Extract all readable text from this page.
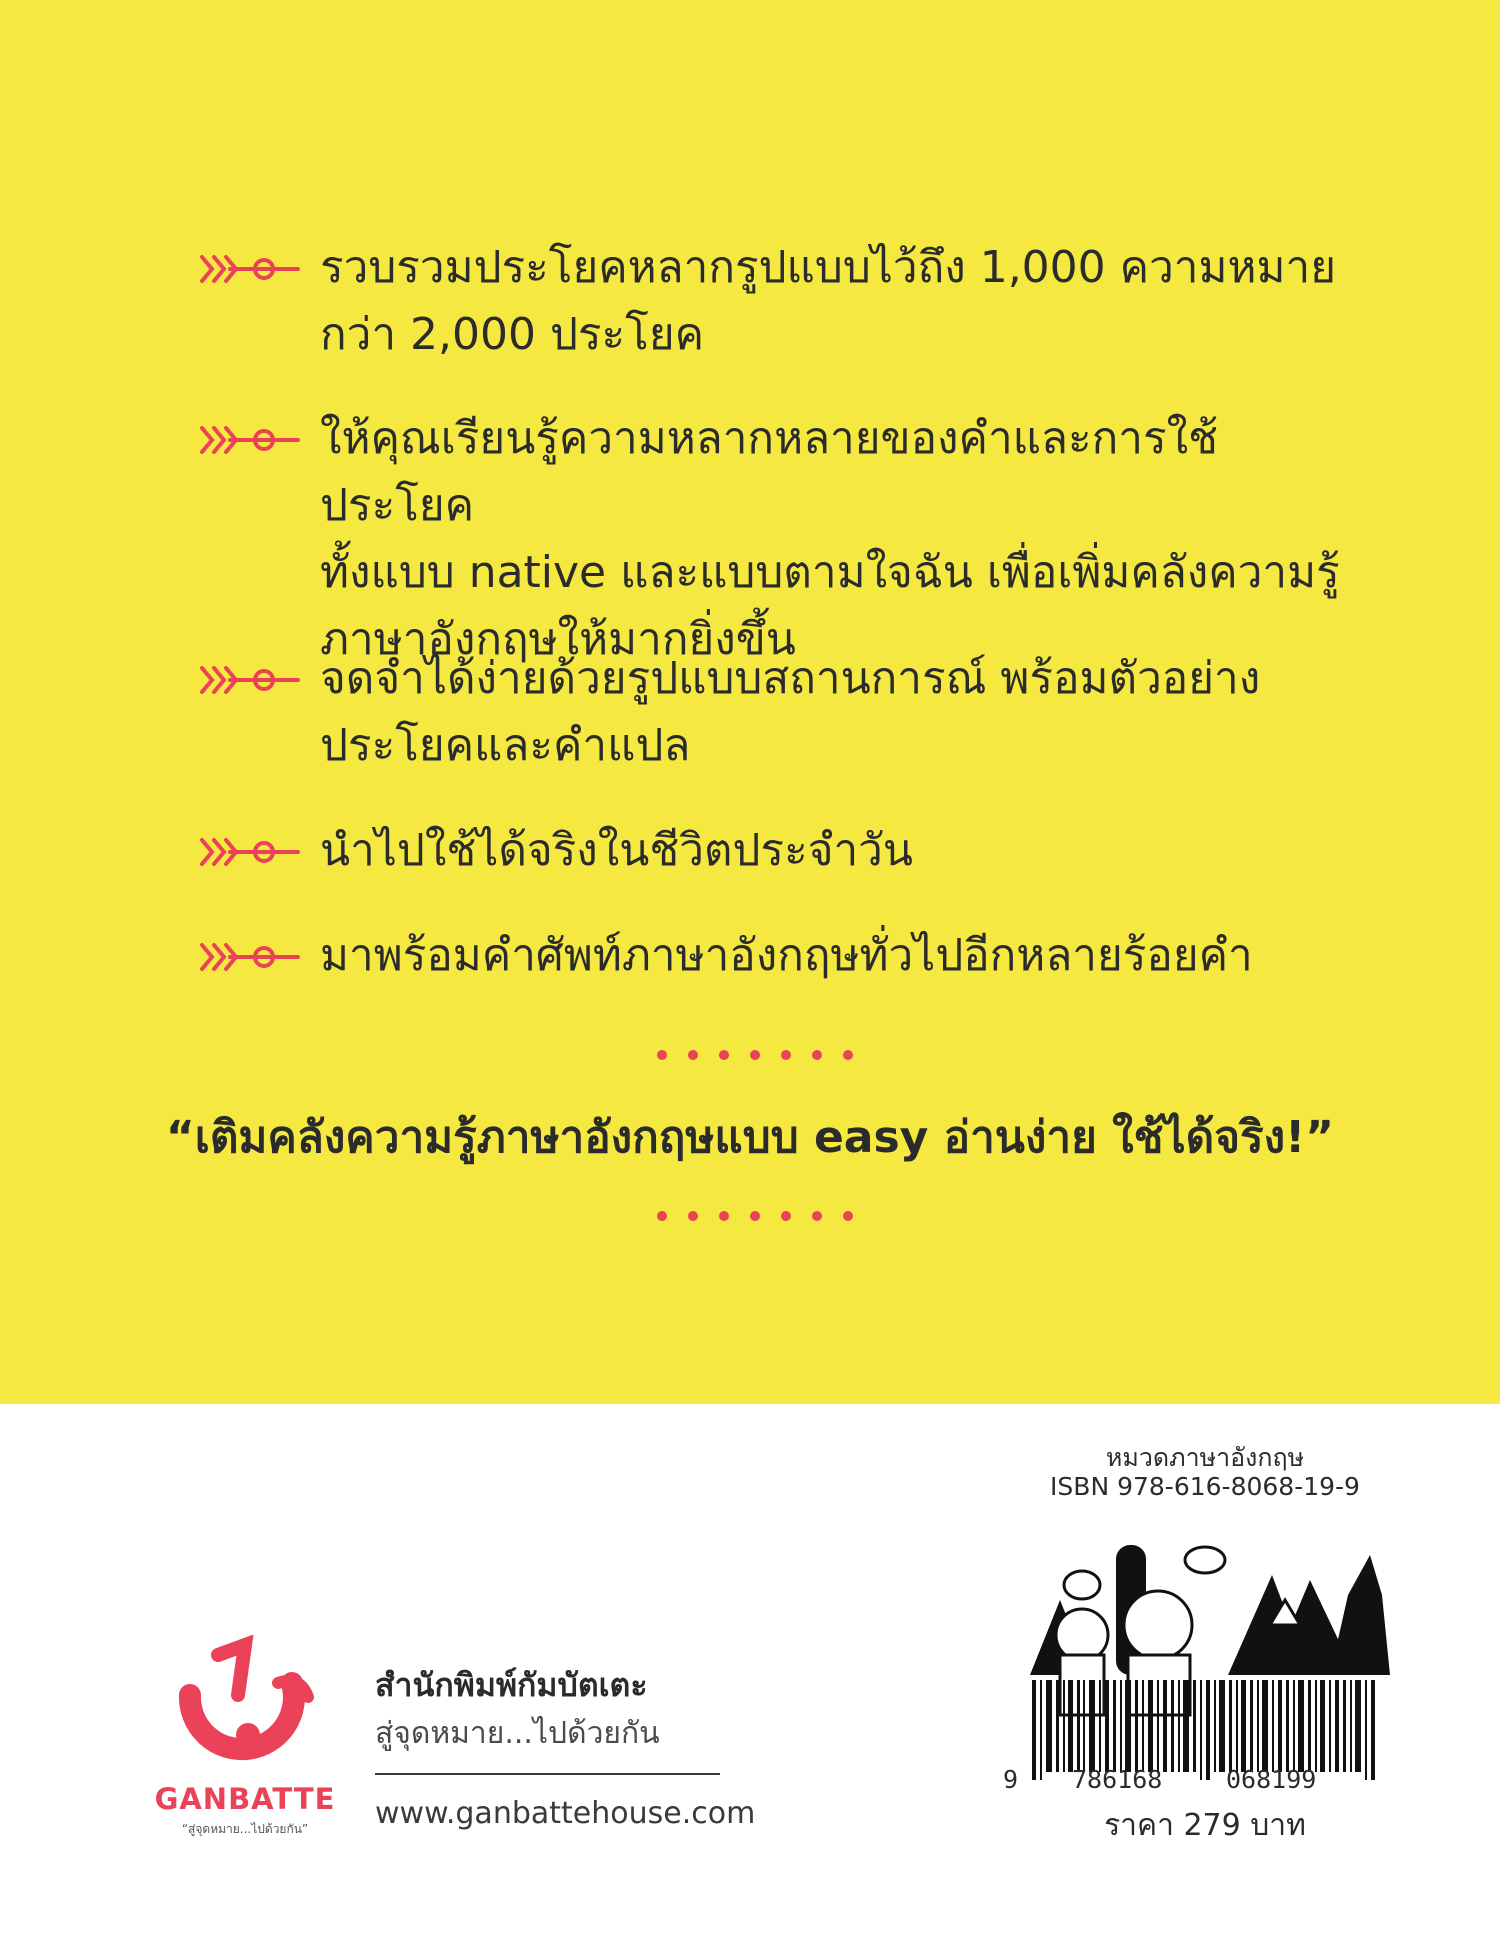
รวบรวมประโยคหลากรูปแบบไว้ถึง 1,000 ความหมาย
กว่า 2,000 ประโยค
ให้คุณเรียนรู้ความหลากหลายของคำและการใช้ประโยค
ทั้งแบบ native และแบบตามใจฉัน เพื่อเพิ่มคลังความรู้
ภาษาอังกฤษให้มากยิ่งขึ้น
จดจำได้ง่ายด้วยรูปแบบสถานการณ์ พร้อมตัวอย่าง
ประโยคและคำแปล
นำไปใช้ได้จริงในชีวิตประจำวัน
มาพร้อมคำศัพท์ภาษาอังกฤษทั่วไปอีกหลายร้อยคำ
“เติมคลังความรู้ภาษาอังกฤษแบบ easy อ่านง่าย ใช้ได้จริง!”
GANBATTE
“สู่จุดหมาย...ไปด้วยกัน”
สำนักพิมพ์กัมบัตเตะ
สู่จุดหมาย...ไปด้วยกัน
www.ganbattehouse.com
หมวดภาษาอังกฤษ
ISBN 978-616-8068-19-9
9 786168	068199
ราคา 279 บาท
